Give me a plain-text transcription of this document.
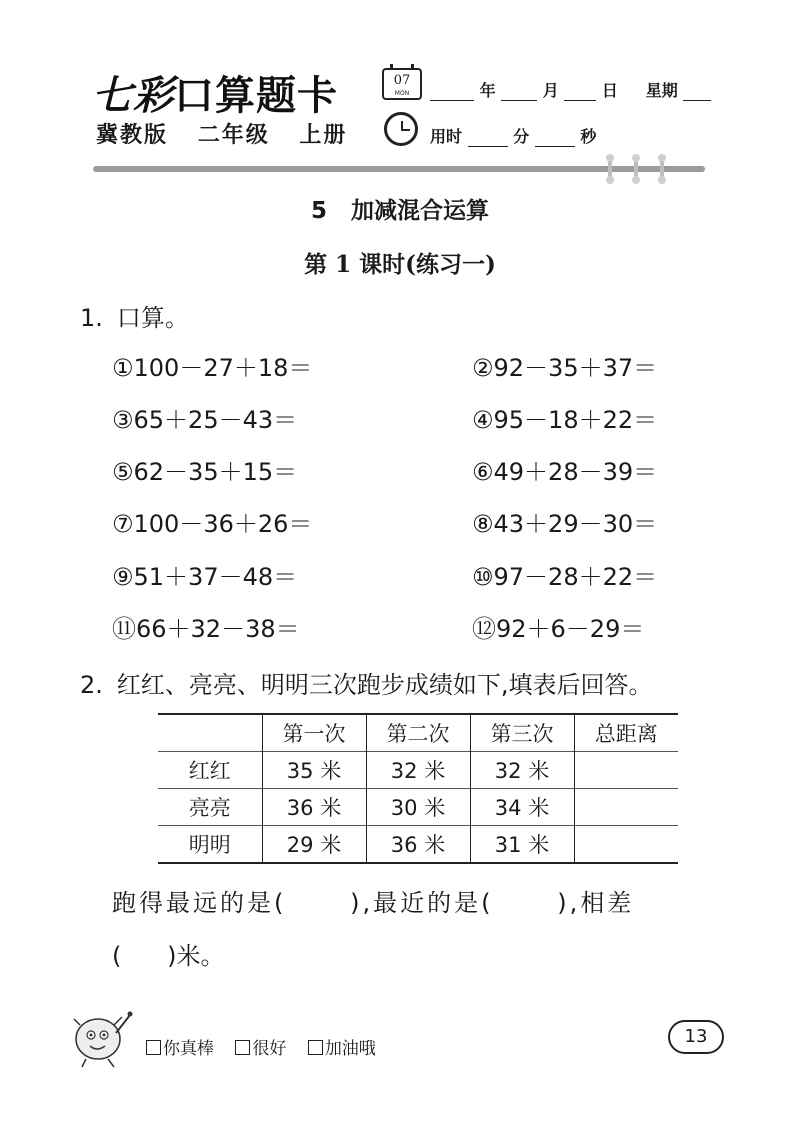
七彩口算题卡
冀教版 二年级 上册
07
MON	年	月	日 星期
用时	分	秒
5 加减混合运算
第 1 课时(练习一)
1. 口算。
①100－27＋18＝	②92－35＋37＝
③65＋25－43＝	④95－18＋22＝
⑤62－35＋15＝	⑥49＋28－39＝
⑦100－36＋26＝	⑧43＋29－30＝
⑨51＋37－48＝	⑩97－28＋22＝
⑪66＋32－38＝	⑫92＋6－29＝
2. 红红、亮亮、明明三次跑步成绩如下,填表后回答。
	第一次	第二次	第三次	总距离
红红	35 米	32 米	32 米	
亮亮	36 米	30 米	34 米	
明明	29 米	36 米	31 米	
跑得最远的是(      ),最近的是(      ),相差
(      )米。
你真棒 很好 加油哦
13
